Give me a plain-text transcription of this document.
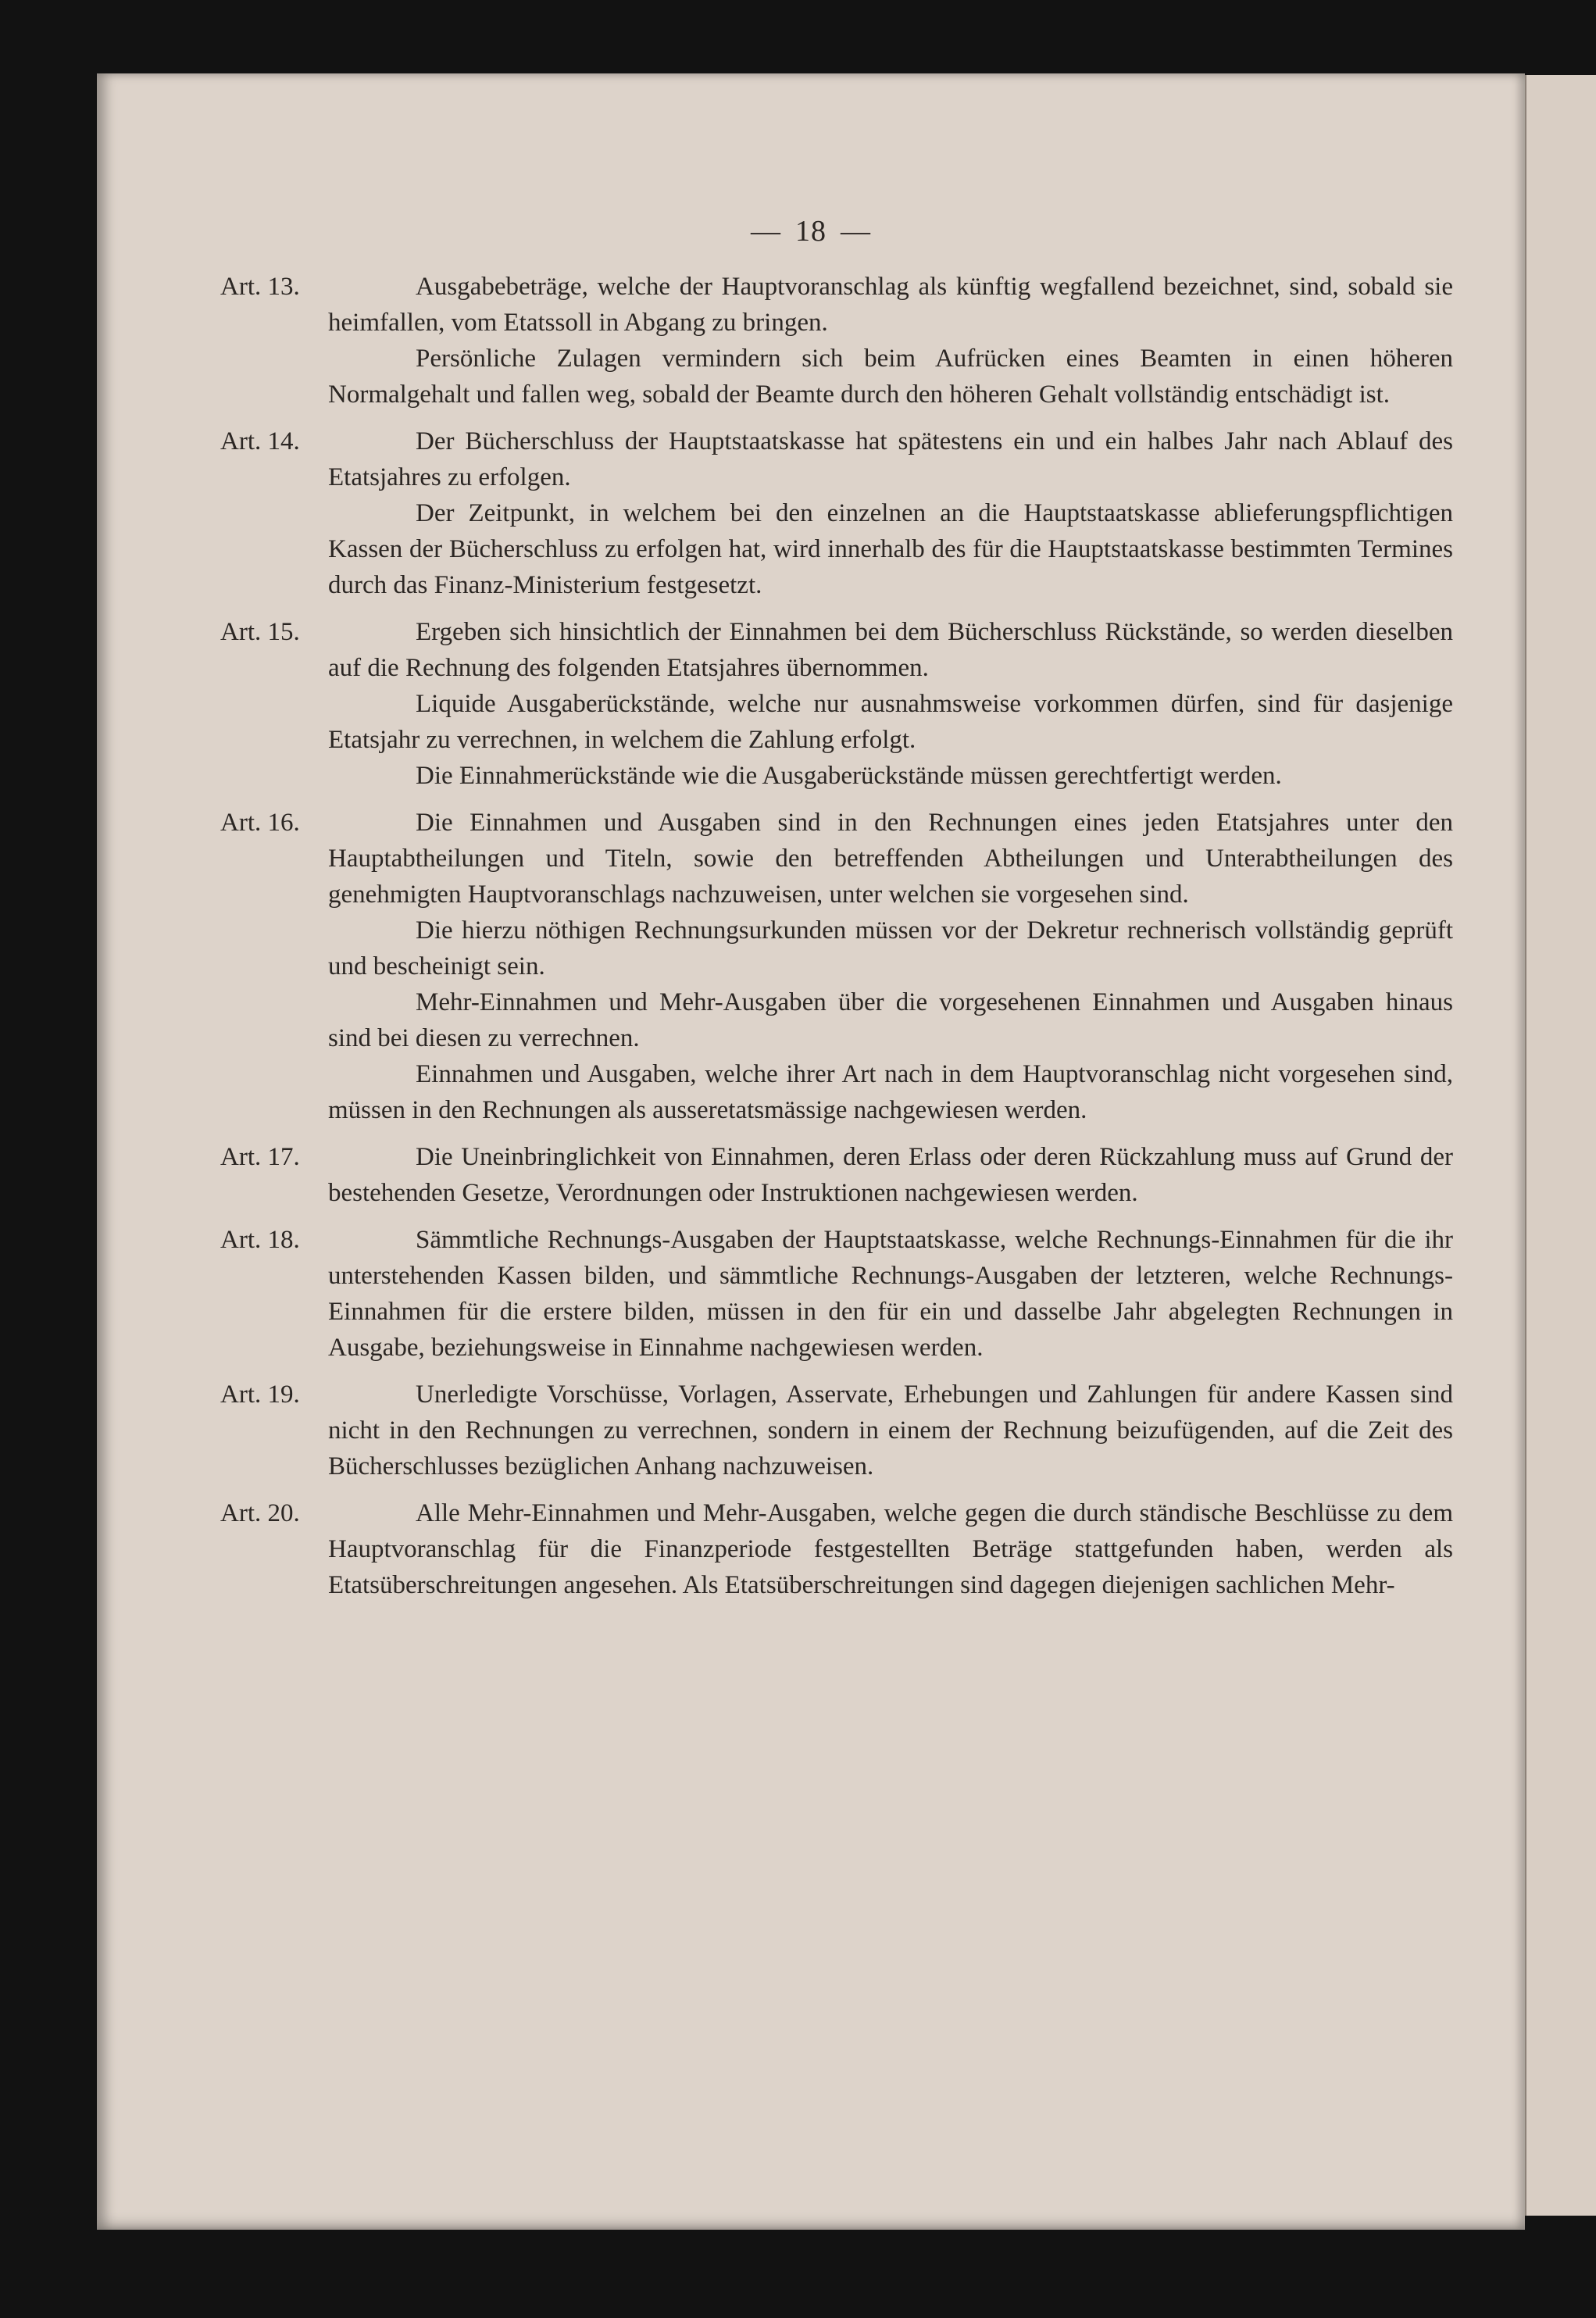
— 18 —
Art. 13.	Ausgabebeträge, welche der Hauptvoranschlag als künftig wegfallend bezeichnet, sind, sobald sie heimfallen, vom Etatssoll in Abgang zu bringen.

Persönliche Zulagen vermindern sich beim Aufrücken eines Beamten in einen höheren Normalgehalt und fallen weg, sobald der Beamte durch den höheren Gehalt vollständig entschädigt ist.

Art. 14.	Der Bücherschluss der Hauptstaatskasse hat spätestens ein und ein halbes Jahr nach Ablauf des Etatsjahres zu erfolgen.

Der Zeitpunkt, in welchem bei den einzelnen an die Hauptstaatskasse ablieferungspflichtigen Kassen der Bücherschluss zu erfolgen hat, wird innerhalb des für die Hauptstaatskasse bestimmten Termines durch das Finanz-Ministerium festgesetzt.

Art. 15.	Ergeben sich hinsichtlich der Einnahmen bei dem Bücherschluss Rückstände, so werden dieselben auf die Rechnung des folgenden Etatsjahres übernommen.

Liquide Ausgaberückstände, welche nur ausnahmsweise vorkommen dürfen, sind für dasjenige Etatsjahr zu verrechnen, in welchem die Zahlung erfolgt.

Die Einnahmerückstände wie die Ausgaberückstände müssen gerechtfertigt werden.

Art. 16.	Die Einnahmen und Ausgaben sind in den Rechnungen eines jeden Etatsjahres unter den Hauptabtheilungen und Titeln, sowie den betreffenden Abtheilungen und Unterabtheilungen des genehmigten Hauptvoranschlags nachzuweisen, unter welchen sie vorgesehen sind.

Die hierzu nöthigen Rechnungsurkunden müssen vor der Dekretur rechnerisch vollständig geprüft und bescheinigt sein.

Mehr-Einnahmen und Mehr-Ausgaben über die vorgesehenen Einnahmen und Ausgaben hinaus sind bei diesen zu verrechnen.

Einnahmen und Ausgaben, welche ihrer Art nach in dem Hauptvoranschlag nicht vorgesehen sind, müssen in den Rechnungen als ausseretatsmässige nachgewiesen werden.

Art. 17.	Die Uneinbringlichkeit von Einnahmen, deren Erlass oder deren Rückzahlung muss auf Grund der bestehenden Gesetze, Verordnungen oder Instruktionen nachgewiesen werden.

Art. 18.	Sämmtliche Rechnungs-Ausgaben der Hauptstaatskasse, welche Rechnungs-Einnahmen für die ihr unterstehenden Kassen bilden, und sämmtliche Rechnungs-Ausgaben der letzteren, welche Rechnungs-Einnahmen für die erstere bilden, müssen in den für ein und dasselbe Jahr abgelegten Rechnungen in Ausgabe, beziehungsweise in Einnahme nachgewiesen werden.

Art. 19.	Unerledigte Vorschüsse, Vorlagen, Asservate, Erhebungen und Zahlungen für andere Kassen sind nicht in den Rechnungen zu verrechnen, sondern in einem der Rechnung beizufügenden, auf die Zeit des Bücherschlusses bezüglichen Anhang nachzuweisen.

Art. 20.	Alle Mehr-Einnahmen und Mehr-Ausgaben, welche gegen die durch ständische Beschlüsse zu dem Hauptvoranschlag für die Finanzperiode festgestellten Beträge stattgefunden haben, werden als Etatsüberschreitungen angesehen. Als Etatsüberschreitungen sind dagegen diejenigen sachlichen Mehr-
